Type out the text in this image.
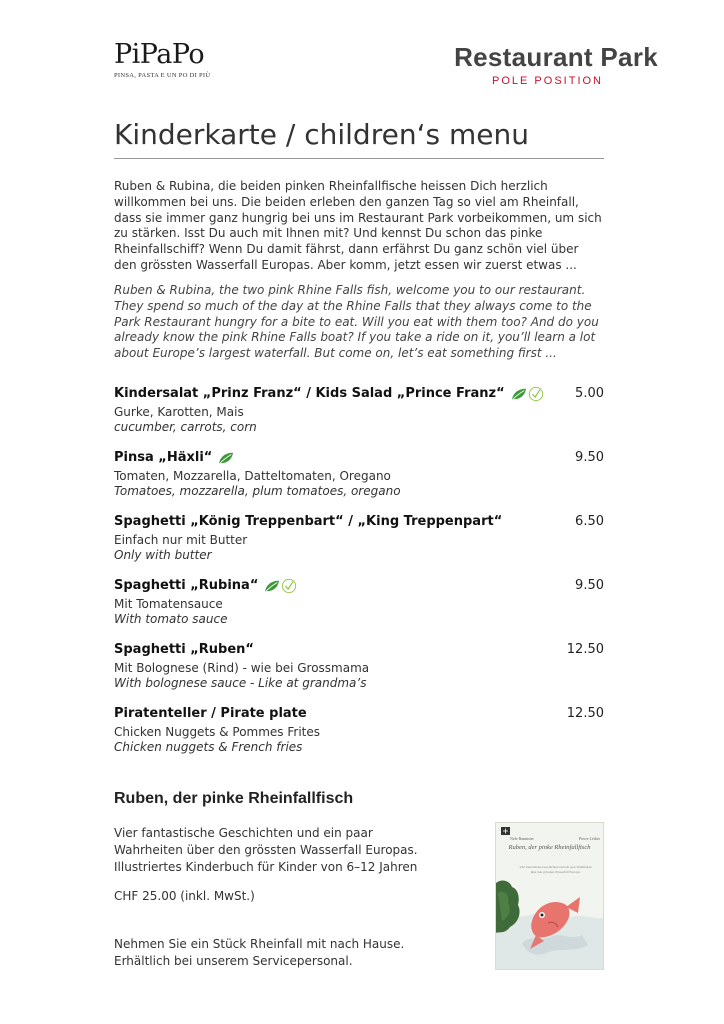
PiPaPo
PINSA, PASTA E UN PO DI PIÙ
Restaurant Park
POLE POSITION
Kinderkarte / children‘s menu

Ruben & Rubina, die beiden pinken Rheinfallfische heissen Dich herzlich willkommen bei uns. Die beiden erleben den ganzen Tag so viel am Rheinfall, dass sie immer ganz hungrig bei uns im Restaurant Park vorbeikommen, um sich zu stärken. Isst Du auch mit Ihnen mit? Und kennst Du schon das pinke Rheinfallschiff? Wenn Du damit fährst, dann erfährst Du ganz schön viel über den grössten Wasserfall Europas. Aber komm, jetzt essen wir zuerst etwas ...

Ruben & Rubina, the two pink Rhine Falls fish, welcome you to our restaurant. They spend so much of the day at the Rhine Falls that they always come to the Park Restaurant hungry for a bite to eat. Will you eat with them too? And do you already know the pink Rhine Falls boat? If you take a ride on it, you’ll learn a lot about Europe’s largest waterfall. But come on, let’s eat something first ...

Kindersalat „Prinz Franz“ / Kids Salad „Prince Franz“	5.00
Gurke, Karotten, Mais
cucumber, carrots, corn
Pinsa „Häxli“	9.50
Tomaten, Mozzarella, Datteltomaten, Oregano
Tomatoes, mozzarella, plum tomatoes, oregano
Spaghetti „König Treppenbart“ / „King Treppenpart“	6.50
Einfach nur mit Butter
Only with butter
Spaghetti „Rubina“	9.50
Mit Tomatensauce
With tomato sauce
Spaghetti „Ruben“	12.50
Mit Bolognese (Rind) - wie bei Grossmama
With bolognese sauce - Like at grandma’s
Piratenteller / Pirate plate	12.50
Chicken Nuggets & Pommes Frites
Chicken nuggets & French fries
Ruben, der pinke Rheinfallfisch

Vier fantastische Geschichten und ein paar Wahrheiten über den grössten Wasserfall Europas. Illustriertes Kinderbuch für Kinder von 6–12 Jahren

CHF 25.00 (inkl. MwSt.)

Nehmen Sie ein Stück Rheinfall mit nach Hause. Erhältlich bei unserem Servicepersonal.

Nele Bannister	Pierre Leiber
Ruben, der pinke Rheinfallfisch
Vier fantastische Geschichten und ein paar Wahrheiten über den grössten Wasserfall Europas
